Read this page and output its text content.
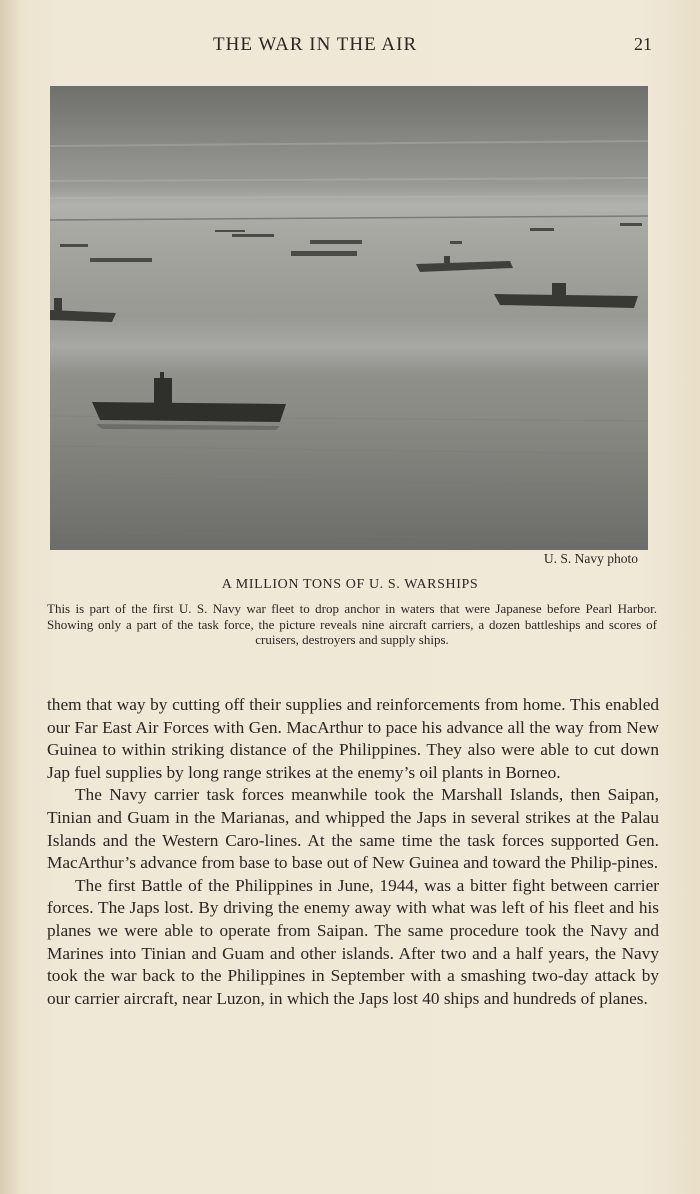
THE WAR IN THE AIR	21
U. S. Navy photo
A MILLION TONS OF U. S. WARSHIPS
This is part of the first U. S. Navy war fleet to drop anchor in waters that were Japanese before Pearl Harbor. Showing only a part of the task force, the picture reveals nine aircraft carriers, a dozen battleships and scores of cruisers, destroyers and supply ships.

them that way by cutting off their supplies and reinforcements from home. This enabled our Far East Air Forces with Gen. MacArthur to pace his advance all the way from New Guinea to within striking distance of the Philippines. They also were able to cut down Jap fuel supplies by long range strikes at the enemy’s oil plants in Borneo.

The Navy carrier task forces meanwhile took the Marshall Islands, then Saipan, Tinian and Guam in the Marianas, and whipped the Japs in several strikes at the Palau Islands and the Western Caro-lines. At the same time the task forces supported Gen. MacArthur’s advance from base to base out of New Guinea and toward the Philip-pines.

The first Battle of the Philippines in June, 1944, was a bitter fight between carrier forces. The Japs lost. By driving the enemy away with what was left of his fleet and his planes we were able to operate from Saipan. The same procedure took the Navy and Marines into Tinian and Guam and other islands. After two and a half years, the Navy took the war back to the Philippines in September with a smashing two-day attack by our carrier aircraft, near Luzon, in which the Japs lost 40 ships and hundreds of planes.
